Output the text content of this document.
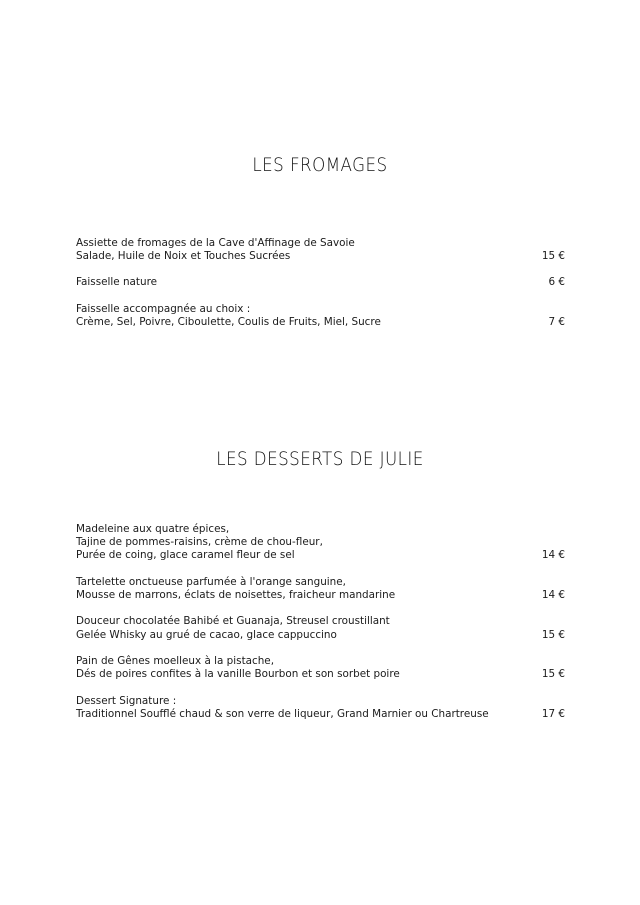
LES FROMAGES
Assiette de fromages de la Cave d'Affinage de Savoie
Salade, Huile de Noix et Touches Sucrées	15 €
Faisselle nature	6 €
Faisselle accompagnée au choix :
Crème, Sel, Poivre, Ciboulette, Coulis de Fruits, Miel, Sucre	7 €
LES DESSERTS DE JULIE
Madeleine aux quatre épices,
Tajine de pommes-raisins, crème de chou-fleur,
Purée de coing, glace caramel fleur de sel	14 €
Tartelette onctueuse parfumée à l'orange sanguine,
Mousse de marrons, éclats de noisettes, fraicheur mandarine	14 €
Douceur chocolatée Bahibé et Guanaja, Streusel croustillant
Gelée Whisky au grué de cacao, glace cappuccino	15 €
Pain de Gênes moelleux à la pistache,
Dés de poires confites à la vanille Bourbon et son sorbet poire	15 €
Dessert Signature :
Traditionnel Soufflé chaud & son verre de liqueur, Grand Marnier ou Chartreuse	17 €
